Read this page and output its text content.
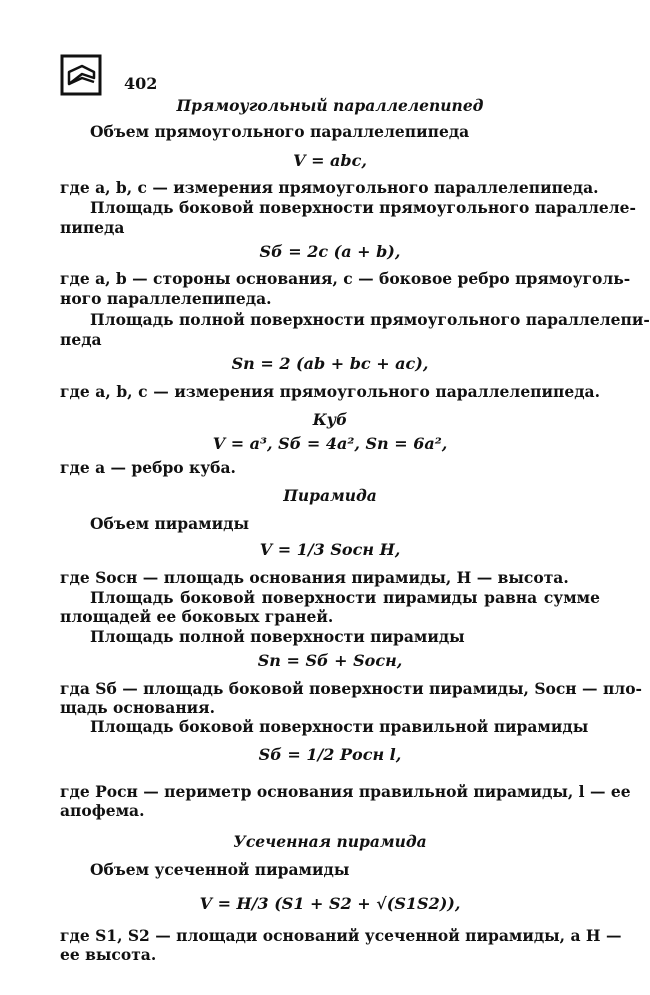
402
Прямоугольный параллелепипед
Объем прямоугольного параллелепипеда
V = abc,
где a, b, c — измерения прямоугольного параллелепипеда.
Площадь боковой поверхности прямоугольного параллеле-
пипеда
Sб = 2c (a + b),
где a, b — стороны основания, c — боковое ребро прямоуголь-
ного параллелепипеда.
Площадь полной поверхности прямоугольного параллелепи-
педа
Sп = 2 (ab + bc + ac),
где a, b, c — измерения прямоугольного параллелепипеда.
Куб
V = a³, Sб = 4a², Sп = 6a²,
где a — ребро куба.
Пирамида
Объем пирамиды
V = 1/3 Sосн H,
где Sосн — площадь основания пирамиды, H — высота.
Площадь боковой поверхности пирамиды равна сумме
площадей ее боковых граней.
Площадь полной поверхности пирамиды
Sп = Sб + Sосн,
гда Sб — площадь боковой поверхности пирамиды, Sосн — пло-
щадь основания.
Площадь боковой поверхности правильной пирамиды
Sб = 1/2 Pосн l,
где Pосн — периметр основания правильной пирамиды, l — ее
апофема.
Усеченная пирамида
Объем усеченной пирамиды
V = H/3 (S1 + S2 + √(S1S2)),
где S1, S2 — площади оснований усеченной пирамиды, а H —
ее высота.
